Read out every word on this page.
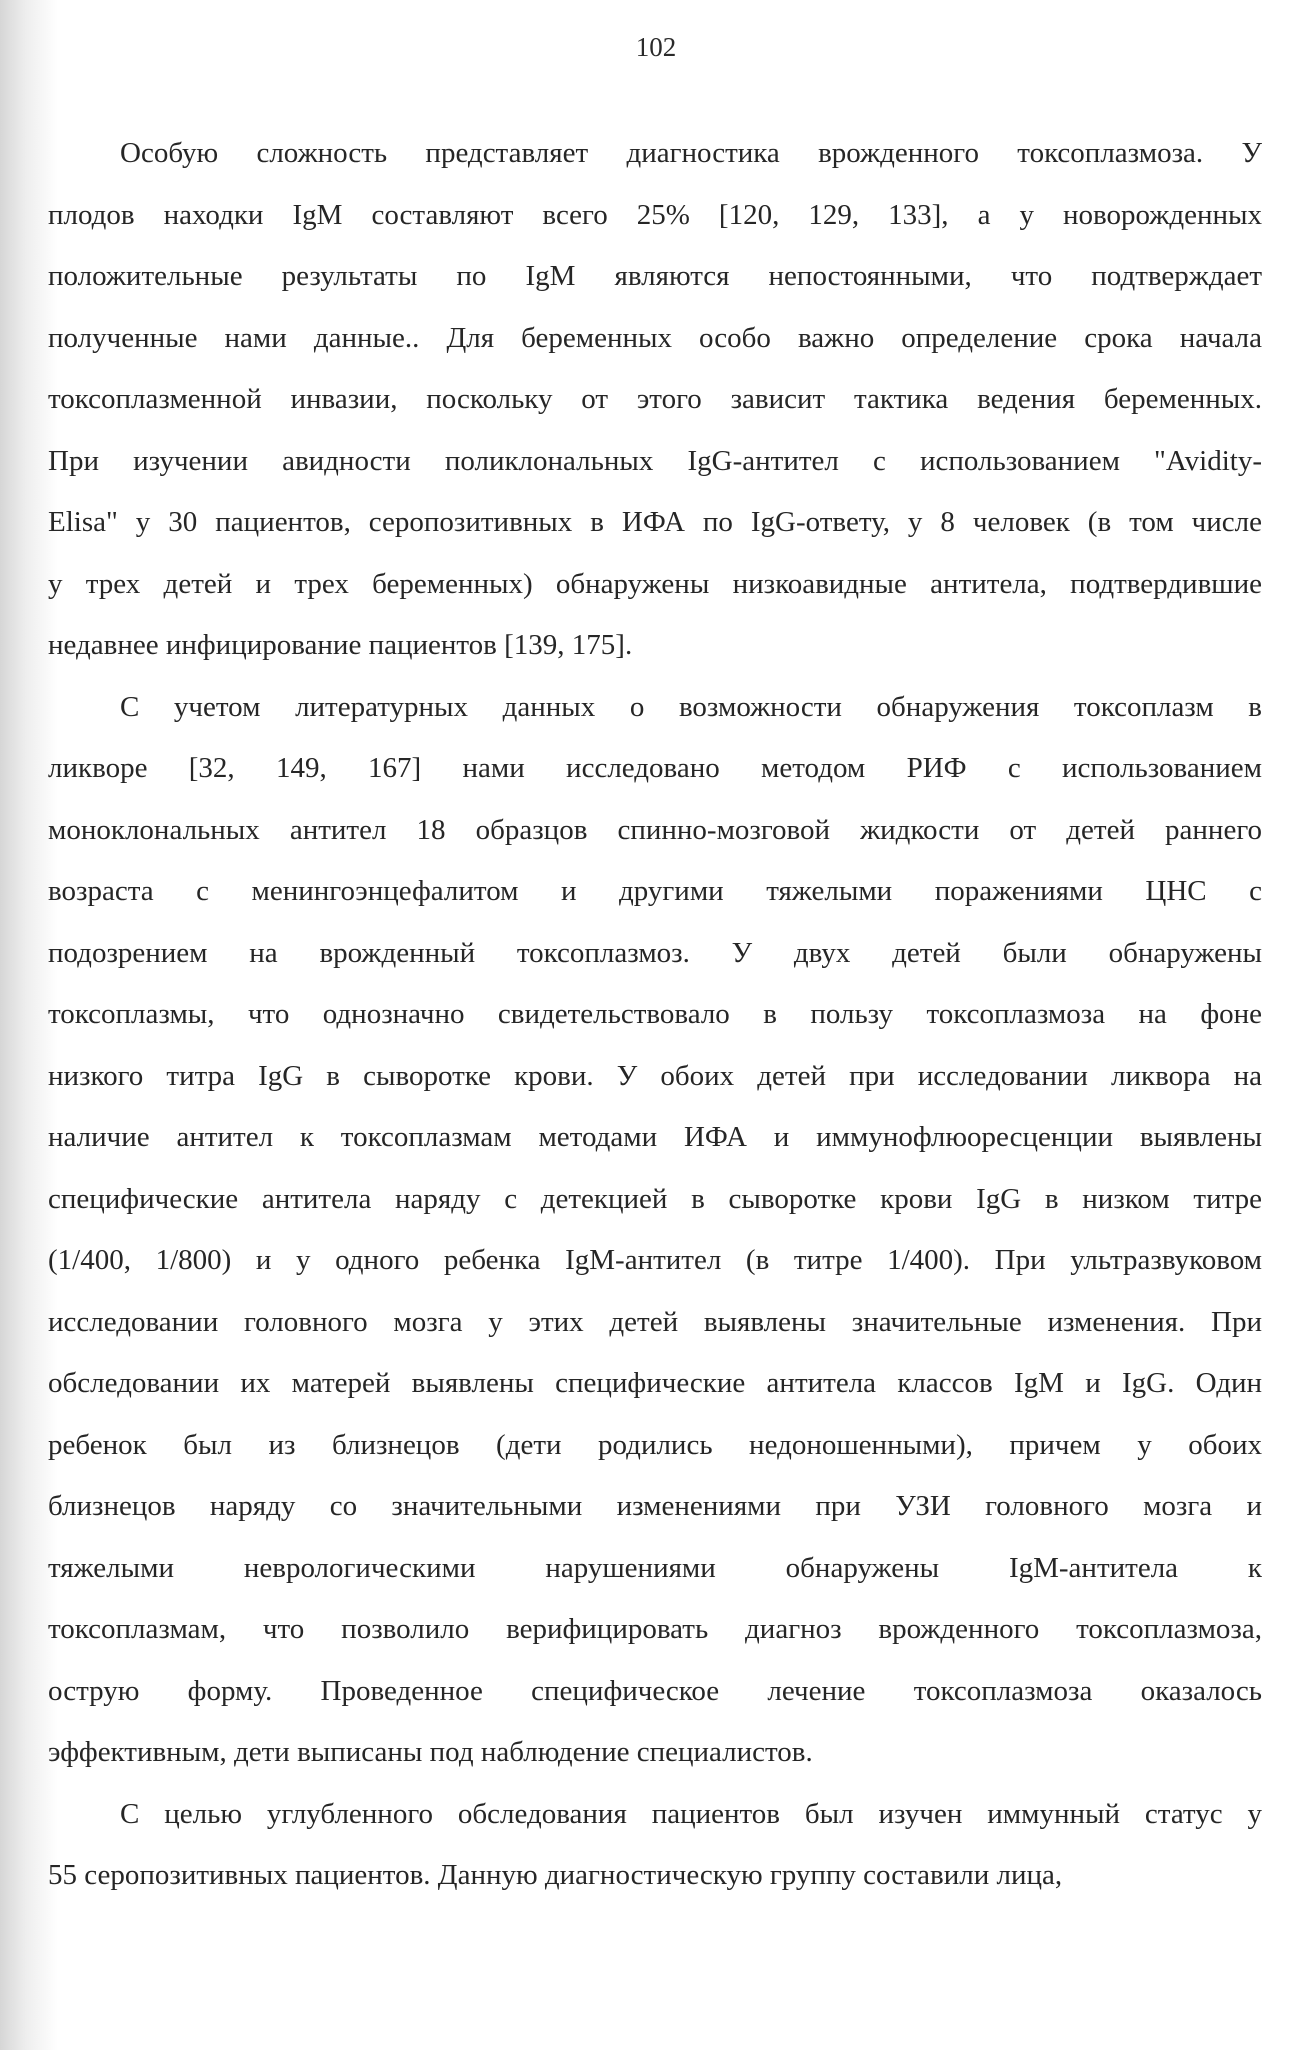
102
Особую сложность представляет диагностика врожденного токсоплазмоза. У
плодов находки IgM составляют всего 25% [120, 129, 133], а у новорожденных
положительные результаты по IgM являются непостоянными, что подтверждает
полученные нами данные.. Для беременных особо важно определение срока начала
токсоплазменной инвазии, поскольку от этого зависит тактика ведения беременных.
При изучении авидности поликлональных IgG-антител с использованием "Avidity-
Elisa" у 30 пациентов, серопозитивных в ИФА по IgG-ответу, у 8 человек (в том числе
у трех детей и трех беременных) обнаружены низкоавидные антитела, подтвердившие
недавнее инфицирование пациентов [139, 175].
С учетом литературных данных о возможности обнаружения токсоплазм в
ликворе [32, 149, 167] нами исследовано методом РИФ с использованием
моноклональных антител 18 образцов спинно-мозговой жидкости от детей раннего
возраста с менингоэнцефалитом и другими тяжелыми поражениями ЦНС с
подозрением на врожденный токсоплазмоз. У двух детей были обнаружены
токсоплазмы, что однозначно свидетельствовало в пользу токсоплазмоза на фоне
низкого титра IgG в сыворотке крови. У обоих детей при исследовании ликвора на
наличие антител к токсоплазмам методами ИФА и иммунофлюоресценции выявлены
специфические антитела наряду с детекцией в сыворотке крови IgG в низком титре
(1/400, 1/800) и у одного ребенка IgM-антител (в титре 1/400). При ультразвуковом
исследовании головного мозга у этих детей выявлены значительные изменения. При
обследовании их матерей выявлены специфические антитела классов IgM и IgG. Один
ребенок был из близнецов (дети родились недоношенными), причем у обоих
близнецов наряду со значительными изменениями при УЗИ головного мозга и
тяжелыми неврологическими нарушениями обнаружены IgM-антитела к
токсоплазмам, что позволило верифицировать диагноз врожденного токсоплазмоза,
острую форму. Проведенное специфическое лечение токсоплазмоза оказалось
эффективным, дети выписаны под наблюдение специалистов.
С целью углубленного обследования пациентов был изучен иммунный статус у
55 серопозитивных пациентов. Данную диагностическую группу составили лица,
